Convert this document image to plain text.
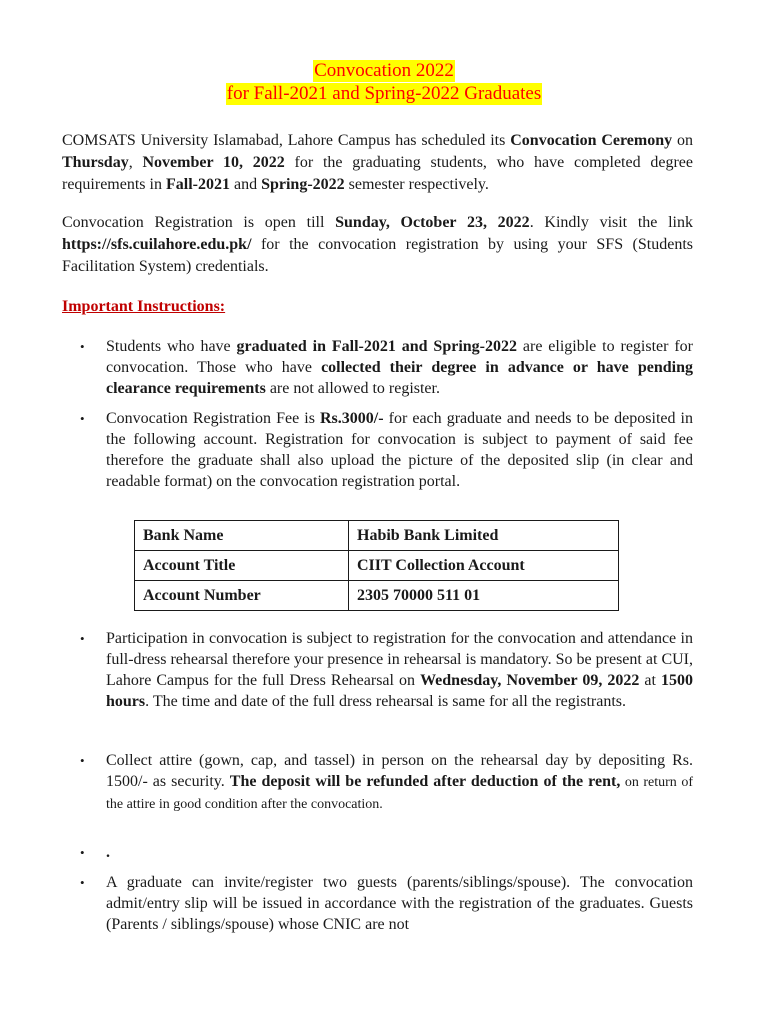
Convocation 2022
for Fall-2021 and Spring-2022 Graduates
COMSATS University Islamabad, Lahore Campus has scheduled its Convocation Ceremony on Thursday, November 10, 2022 for the graduating students, who have completed degree requirements in Fall-2021 and Spring-2022 semester respectively.
Convocation Registration is open till Sunday, October 23, 2022. Kindly visit the link https://sfs.cuilahore.edu.pk/ for the convocation registration by using your SFS (Students Facilitation System) credentials.
Important Instructions:
• Students who have graduated in Fall-2021 and Spring-2022 are eligible to register for convocation. Those who have collected their degree in advance or have pending clearance requirements are not allowed to register.
• Convocation Registration Fee is Rs.3000/- for each graduate and needs to be deposited in the following account. Registration for convocation is subject to payment of said fee therefore the graduate shall also upload the picture of the deposited slip (in clear and readable format) on the convocation registration portal.
Bank Name	Habib Bank Limited
Account Title	CIIT Collection Account
Account Number	2305 70000 511 01
• Participation in convocation is subject to registration for the convocation and attendance in full-dress rehearsal therefore your presence in rehearsal is mandatory. So be present at CUI, Lahore Campus for the full Dress Rehearsal on Wednesday, November 09, 2022 at 1500 hours. The time and date of the full dress rehearsal is same for all the registrants.
• Collect attire (gown, cap, and tassel) in person on the rehearsal day by depositing Rs. 1500/- as security. The deposit will be refunded after deduction of the rent, on return of the attire in good condition after the convocation.
• .
• A graduate can invite/register two guests (parents/siblings/spouse). The convocation admit/entry slip will be issued in accordance with the registration of the graduates. Guests (Parents / siblings/spouse) whose CNIC are not
